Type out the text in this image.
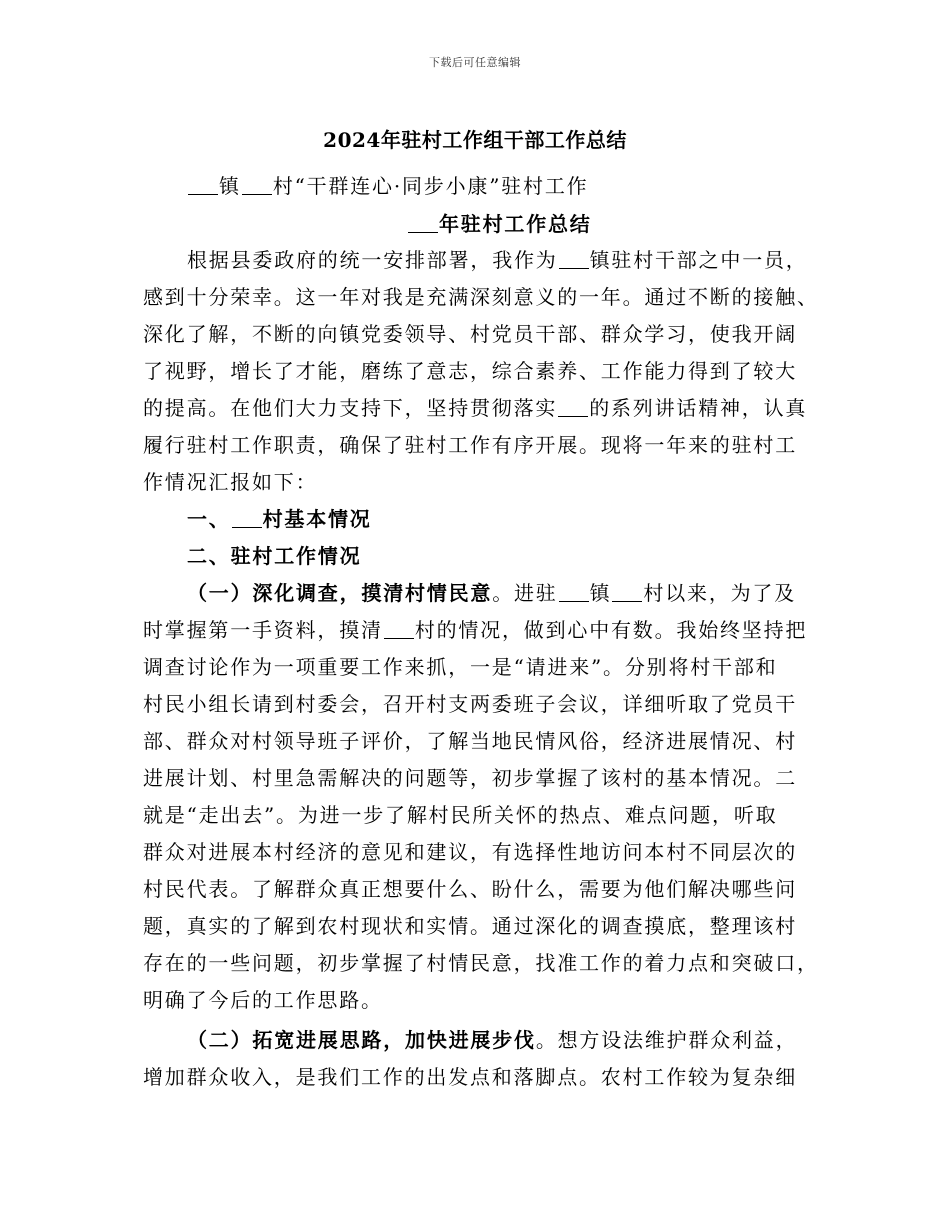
下载后可任意编辑
2024年驻村工作组干部工作总结
镇 村“干群连心·同步小康”驻村工作
年驻村工作总结
根据县委政府的统一安排部署，我作为 镇驻村干部之中一员，
感到十分荣幸。这一年对我是充满深刻意义的一年。通过不断的接触、
深化了解，不断的向镇党委领导、村党员干部、群众学习，使我开阔
了视野，增长了才能，磨练了意志，综合素养、工作能力得到了较大
的提高。在他们大力支持下，坚持贯彻落实 的系列讲话精神，认真
履行驻村工作职责，确保了驻村工作有序开展。现将一年来的驻村工
作情况汇报如下：
一、 村基本情况
二、驻村工作情况
（一）深化调查，摸清村情民意。进驻 镇 村以来，为了及
时掌握第一手资料，摸清 村的情况，做到心中有数。我始终坚持把
调查讨论作为一项重要工作来抓，一是“请进来”。分别将村干部和
村民小组长请到村委会，召开村支两委班子会议，详细听取了党员干
部、群众对村领导班子评价，了解当地民情风俗，经济进展情况、村
进展计划、村里急需解决的问题等，初步掌握了该村的基本情况。二
就是“走出去”。为进一步了解村民所关怀的热点、难点问题，听取
群众对进展本村经济的意见和建议，有选择性地访问本村不同层次的
村民代表。了解群众真正想要什么、盼什么，需要为他们解决哪些问
题，真实的了解到农村现状和实情。通过深化的调查摸底，整理该村
存在的一些问题，初步掌握了村情民意，找准工作的着力点和突破口，
明确了今后的工作思路。
（二）拓宽进展思路，加快进展步伐。想方设法维护群众利益，
增加群众收入，是我们工作的出发点和落脚点。农村工作较为复杂细
